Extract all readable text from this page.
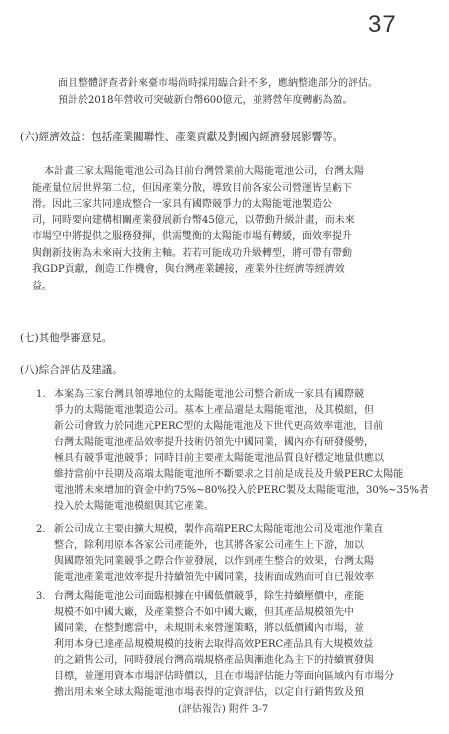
37
面且整體評查者針來臺市場尚時採用臨合針不多，應納整進部分的評估。
預計於2018年營收可突破新台幣600億元，並將營年度轉虧為盈。
(六)經濟效益：包括產業關聯性、產業貢獻及對國內經濟發展影響等。
本計畫三家太陽能電池公司為目前台灣營業前大陽能電池公司，台灣太陽
能產量位居世界第二位，但因產業分散，導致目前各家公司營運皆呈虧下
滑。因此三家共同達成整合一家具有國際競爭力的太陽能電池製造公
司，同時要向建構相關產業發展新台幣45億元，以帶動升級計畫，而未來
市場空中將提供之服務發揮，供需雙衡的太陽能市場有轉緩，面效率提升
與創新技術為未來兩大技術主軸。若若可能成功升級轉型，將可帶有帶動
我GDP貢獻，創造工作機會，與台灣產業鏈接，產業外往經濟等經濟效
益。
(七)其他學審意見。
(八)綜合評估及建議。
1. 本案為三家台灣具領導地位的太陽能電池公司整合新成一家具有國際競
爭力的太陽能電池製造公司。基本上產品還是太陽能電池，及其模組，但
新公司會致力於同進元PERC型的太陽能電池及下世代更高效率電池，目前
台灣太陽能電池產品效率提升技術仍領先中國同業，國內亦有研發優勢，
極具有競爭電池競爭；同時目前主要產太陽能電池品質良好穩定地量供應以
維持當前中長期及高端太陽能電池所不斷要求之目前是成長及升級PERC太陽能
電池將未來增加的資金中約75%~80%投入於PERC製及太陽能電池，30%~35%者
投入於太陽能電池模組與其它產業。
2. 新公司成立主要由擴大規模，製作高端PERC太陽能電池公司及電池作業直
整合，除利用原本各家公司產能外，也其將各家公司產生上下游，加以
與國際領先同業競爭之際合作並發展，以作到產生整合的效果，台灣太陽
能電池產業電池效率提升持續領先中國同業，技術面成熟而可自已報效率
3. 台灣太陽能電池公司面臨根據在中國低價競爭，除生持續壓價中，產能
規模不如中國大廠，及產業整合不如中國大廠，但其產品規模領先中
國同業，在整對應當中，未規則未來營運策略，將以低價國內市場，並
利用本身已達產品規模規模的技術去取得高效PERC產品具有大規模效益
的之銷售公司，同時發展台灣高端規格產品與漸進化為主下的持續實發與
目標，並運用資本市場評估時價以，且在市場評估能力等面向區域內有市場分
擔出用未來全球太陽能電池市場表得的定資評估，以定自行銷售致及預
(評估報告) 附件 3-7
